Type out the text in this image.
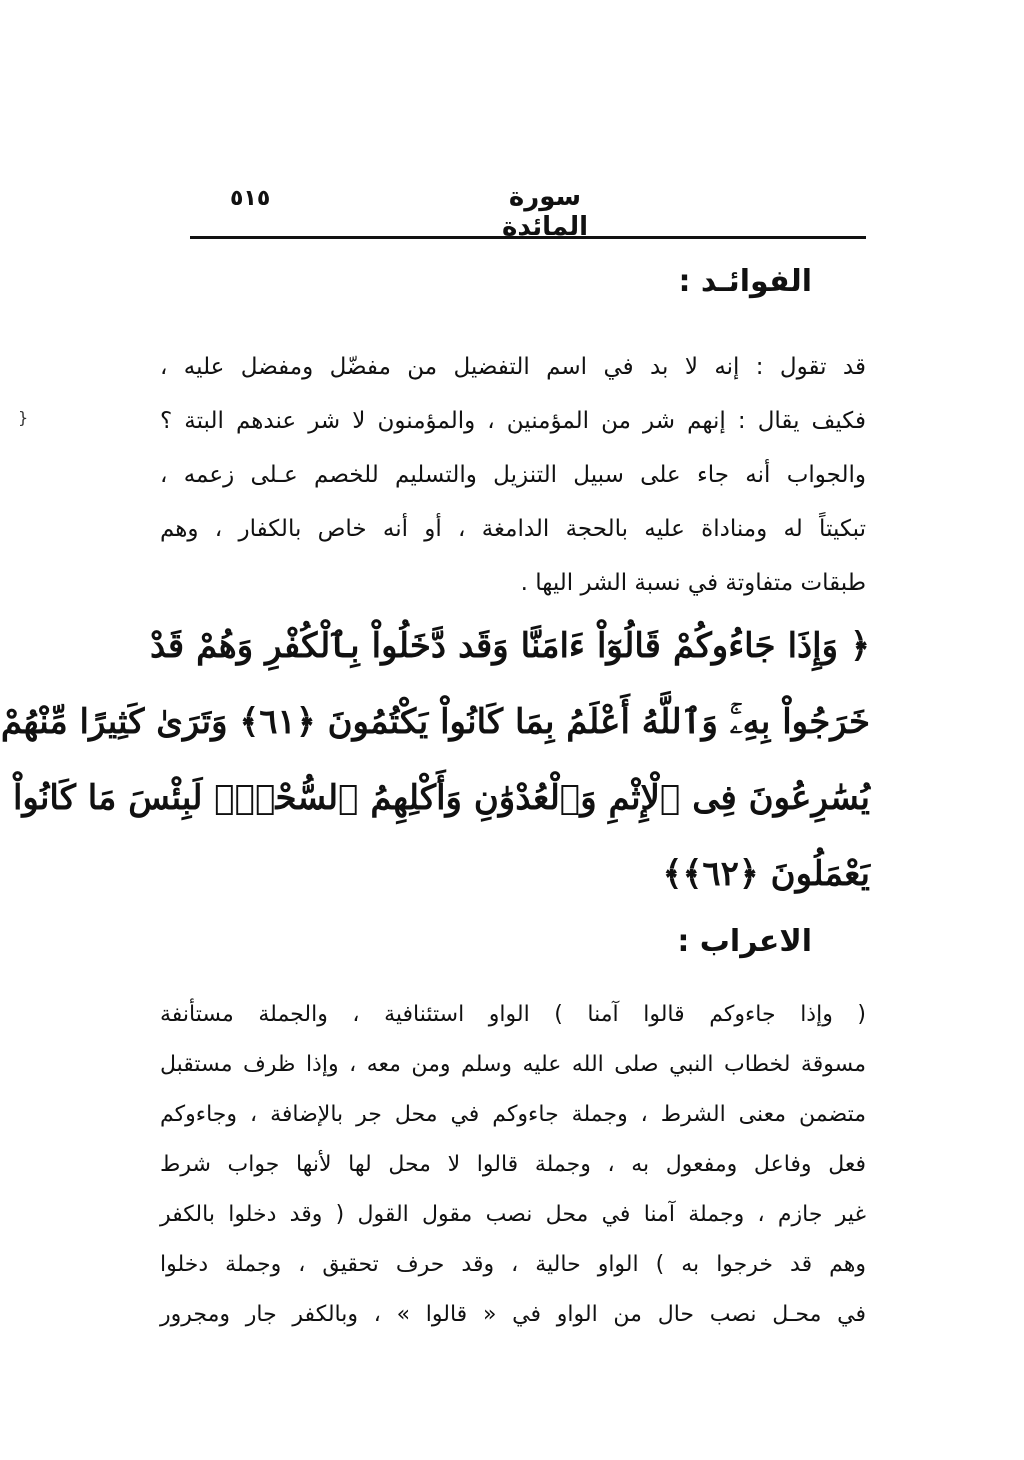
٥١٥	سورة المائدة
}
الفوائـد :
قد تقول : إنه لا بد في اسم التفضيل من مفضّل ومفضل عليه ،
فكيف يقال : إنهم شر من المؤمنين ، والمؤمنون لا شر عندهم البتة ؟
والجواب أنه جاء على سبيل التنزيل والتسليم للخصم عـلى زعمه ،
تبكيتاً له ومناداة عليه بالحجة الدامغة ، أو أنه خاص بالكفار ، وهم
طبقات متفاوتة في نسبة الشر اليها .
﴿ وَإِذَا جَاءُوكُمْ قَالُوٓاْ ءَامَنَّا وَقَد دَّخَلُواْ بِٱلْكُفْرِ وَهُمْ قَدْ
خَرَجُواْ بِهِۦۚ وَٱللَّهُ أَعْلَمُ بِمَا كَانُواْ يَكْتُمُونَ ﴿٦١﴾ وَتَرَىٰ كَثِيرًا مِّنْهُمْ
يُسَٰرِعُونَ فِى ٱلْإِثْمِ وَٱلْعُدْوَٰنِ وَأَكْلِهِمُ ٱلسُّحْتَۚ لَبِئْسَ مَا كَانُواْ
يَعْمَلُونَ ﴿٦٢﴾﴾
الاعراب :
( وإذا جاءوكم قالوا آمنا ) الواو استئنافية ، والجملة مستأنفة
مسوقة لخطاب النبي صلى الله عليه وسلم ومن معه ، وإذا ظرف مستقبل
متضمن معنى الشرط ، وجملة جاءوكم في محل جر بالإضافة ، وجاءوكم
فعل وفاعل ومفعول به ، وجملة قالوا لا محل لها لأنها جواب شرط
غير جازم ، وجملة آمنا في محل نصب مقول القول ( وقد دخلوا بالكفر
وهم قد خرجوا به ) الواو حالية ، وقد حرف تحقيق ، وجملة دخلوا
في محـل نصب حال من الواو في « قالوا » ، وبالكفر جار ومجرور
